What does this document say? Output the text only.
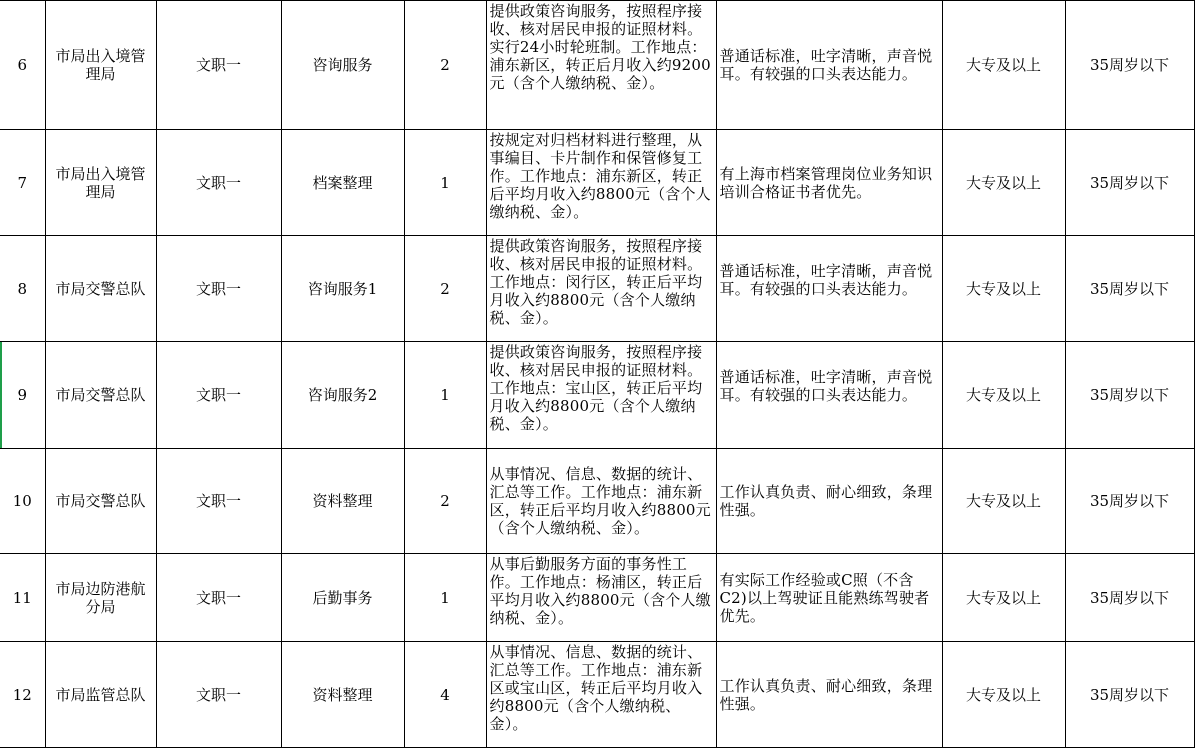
6	市局出入境管理局	文职一	咨询服务	2	提供政策咨询服务，按照程序接收、核对居民申报的证照材料。实行24小时轮班制。工作地点：浦东新区，转正后月收入约9200元（含个人缴纳税、金）。	普通话标准，吐字清晰，声音悦耳。有较强的口头表达能力。	大专及以上	35周岁以下
7	市局出入境管理局	文职一	档案整理	1	按规定对归档材料进行整理，从事编目、卡片制作和保管修复工作。工作地点：浦东新区，转正后平均月收入约8800元（含个人缴纳税、金）。	有上海市档案管理岗位业务知识培训合格证书者优先。	大专及以上	35周岁以下
8	市局交警总队	文职一	咨询服务1	2	提供政策咨询服务，按照程序接收、核对居民申报的证照材料。工作地点：闵行区，转正后平均月收入约8800元（含个人缴纳税、金）。	普通话标准，吐字清晰，声音悦耳。有较强的口头表达能力。	大专及以上	35周岁以下
9	市局交警总队	文职一	咨询服务2	1	提供政策咨询服务，按照程序接收、核对居民申报的证照材料。工作地点：宝山区，转正后平均月收入约8800元（含个人缴纳税、金）。	普通话标准，吐字清晰，声音悦耳。有较强的口头表达能力。	大专及以上	35周岁以下
10	市局交警总队	文职一	资料整理	2	从事情况、信息、数据的统计、汇总等工作。工作地点：浦东新区，转正后平均月收入约8800元（含个人缴纳税、金）。	工作认真负责、耐心细致，条理性强。	大专及以上	35周岁以下
11	市局边防港航分局	文职一	后勤事务	1	从事后勤服务方面的事务性工作。工作地点：杨浦区，转正后平均月收入约8800元（含个人缴纳税、金）。	有实际工作经验或C照（不含C2)以上驾驶证且能熟练驾驶者优先。	大专及以上	35周岁以下
12	市局监管总队	文职一	资料整理	4	从事情况、信息、数据的统计、汇总等工作。工作地点：浦东新区或宝山区，转正后平均月收入约8800元（含个人缴纳税、金）。	工作认真负责、耐心细致，条理性强。	大专及以上	35周岁以下
